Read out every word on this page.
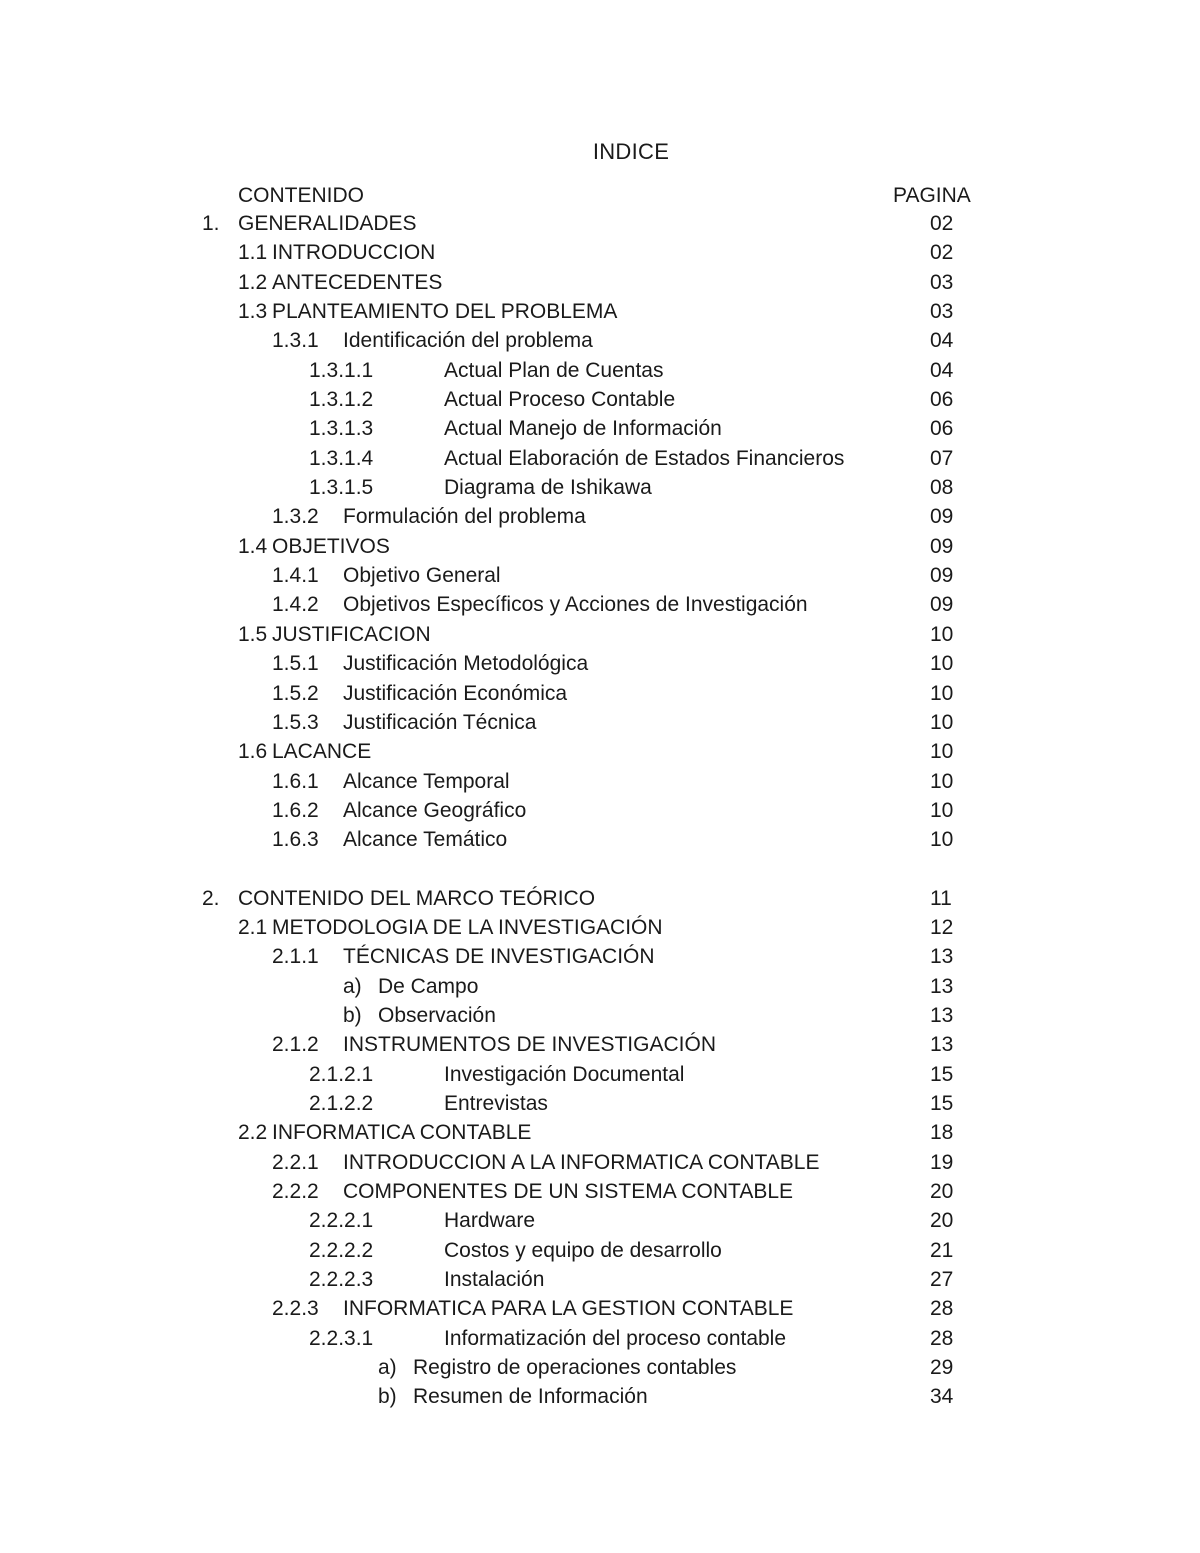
INDICE
CONTENIDO	PAGINA
1. GENERALIDADES	02
1.1 INTRODUCCION	02
1.2 ANTECEDENTES	03
1.3 PLANTEAMIENTO DEL PROBLEMA	03
1.3.1 Identificación del problema	04
1.3.1.1	Actual Plan de Cuentas	04
1.3.1.2	Actual Proceso Contable	06
1.3.1.3	Actual Manejo de Información	06
1.3.1.4	Actual Elaboración de Estados Financieros	07
1.3.1.5	Diagrama de Ishikawa	08
1.3.2 Formulación del problema	09
1.4 OBJETIVOS	09
1.4.1 Objetivo General	09
1.4.2 Objetivos Específicos y Acciones de Investigación	09
1.5 JUSTIFICACION	10
1.5.1 Justificación Metodológica	10
1.5.2 Justificación Económica	10
1.5.3 Justificación Técnica	10
1.6 LACANCE	10
1.6.1 Alcance Temporal	10
1.6.2 Alcance Geográfico	10
1.6.3 Alcance Temático	10
2. CONTENIDO DEL MARCO TEÓRICO	11
2.1 METODOLOGIA DE LA INVESTIGACIÓN	12
2.1.1 TÉCNICAS DE INVESTIGACIÓN	13
a) De Campo	13
b) Observación	13
2.1.2 INSTRUMENTOS DE INVESTIGACIÓN	13
2.1.2.1	Investigación Documental	15
2.1.2.2	Entrevistas	15
2.2 INFORMATICA CONTABLE	18
2.2.1 INTRODUCCION A LA INFORMATICA CONTABLE	19
2.2.2 COMPONENTES DE UN SISTEMA CONTABLE	20
2.2.2.1	Hardware	20
2.2.2.2	Costos y equipo de desarrollo	21
2.2.2.3	Instalación	27
2.2.3 INFORMATICA PARA LA GESTION CONTABLE	28
2.2.3.1	Informatización del proceso contable	28
a) Registro de operaciones contables	29
b) Resumen de Información	34
